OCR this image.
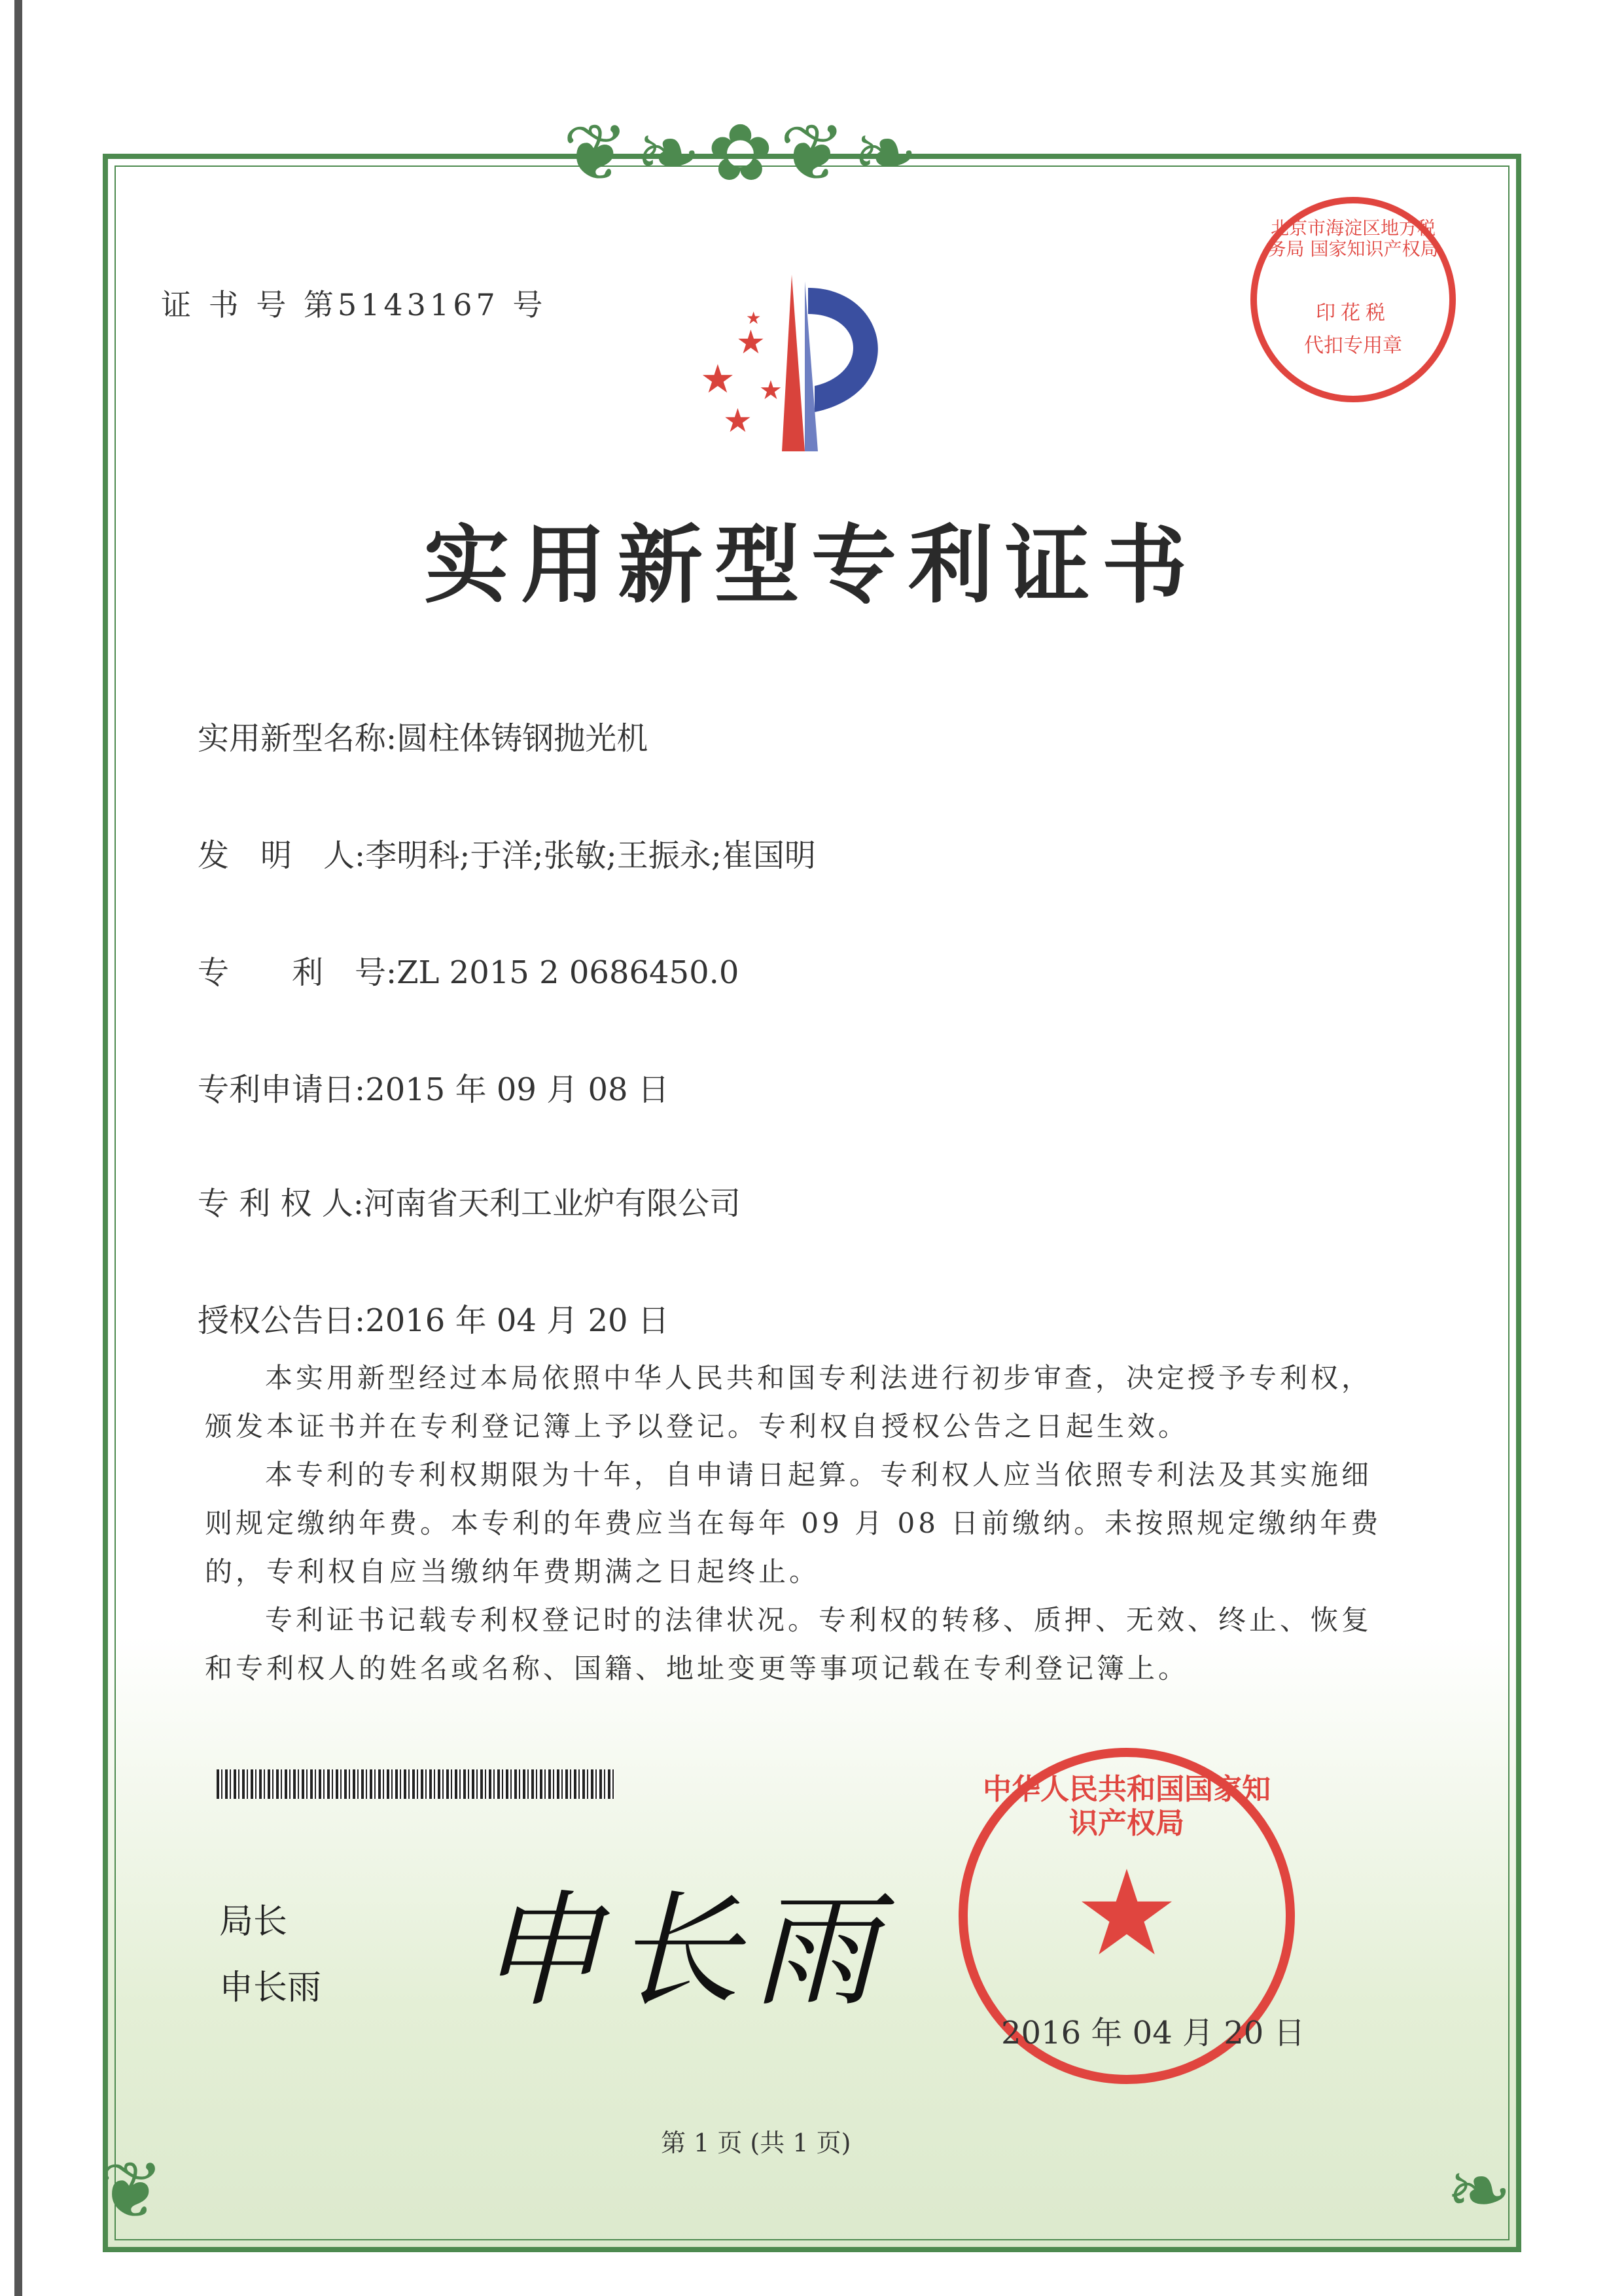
❦❧✿❦❧
❦	❧
证 书 号 第5143167 号
★
★
★
★
★
北京市海淀区地方税务局 国家知识产权局
印花税
代扣专用章
实用新型专利证书
实用新型名称:圆柱体铸钢抛光机
发　明　人:李明科;于洋;张敏;王振永;崔国明
专　　利　号:ZL 2015 2 0686450.0
专利申请日:2015 年 09 月 08 日
专 利 权 人:河南省天利工业炉有限公司
授权公告日:2016 年 04 月 20 日

本实用新型经过本局依照中华人民共和国专利法进行初步审查，决定授予专利权，颁发本证书并在专利登记簿上予以登记。专利权自授权公告之日起生效。

本专利的专利权期限为十年，自申请日起算。专利权人应当依照专利法及其实施细则规定缴纳年费。本专利的年费应当在每年 09 月 08 日前缴纳。未按照规定缴纳年费的，专利权自应当缴纳年费期满之日起终止。

专利证书记载专利权登记时的法律状况。专利权的转移、质押、无效、终止、恢复和专利权人的姓名或名称、国籍、地址变更等事项记载在专利登记簿上。

局长
申长雨 申长雨
中华人民共和国国家知识产权局
★
2016 年 04 月 20 日
第 1 页 (共 1 页)
